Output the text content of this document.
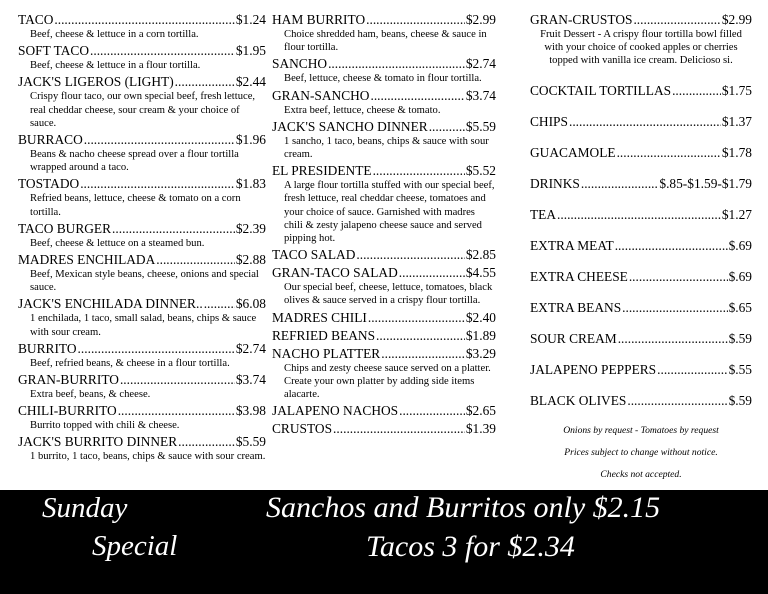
TACO .....	$1.24
Beef, cheese & lettuce in a corn tortilla.
SOFT TACO .....	$1.95
Beef, cheese & lettuce in a flour tortilla.
JACK'S LIGEROS (LIGHT) .....	$2.44
Crispy flour taco, our own special beef, fresh lettuce, real cheddar cheese, sour cream & your choice of sauce.
BURRACO .....	$1.96
Beans & nacho cheese spread over a flour tortilla wrapped around a taco.
TOSTADO .....	$1.83
Refried beans, lettuce, cheese & tomato on a corn tortilla.
TACO BURGER .....	$2.39
Beef, cheese & lettuce on a steamed bun.
MADRES ENCHILADA .....	$2.88
Beef, Mexican style beans, cheese, onions and special sauce.
JACK'S ENCHILADA DINNER.. ..... $6.08
1 enchilada, 1 taco, small salad, beans, chips & sauce with sour cream.
BURRITO .....	$2.74
Beef, refried beans, & cheese in a flour tortilla.
GRAN-BURRITO .....	$3.74
Extra beef, beans, & cheese.
CHILI-BURRITO .....	$3.98
Burrito topped with chili & cheese.
JACK'S BURRITO DINNER .....	$5.59
1 burrito, 1 taco, beans, chips & sauce with sour cream.
HAM BURRITO .....	$2.99
Choice shredded ham, beans, cheese & sauce in flour tortilla.
SANCHO .....	$2.74
Beef, lettuce, cheese & tomato in flour tortilla.
GRAN-SANCHO .....	$3.74
Extra beef, lettuce, cheese & tomato.
JACK'S SANCHO DINNER .....	$5.59
1 sancho, 1 taco, beans, chips & sauce with sour cream.
EL PRESIDENTE .....	$5.52
A large flour tortilla stuffed with our special beef, fresh lettuce, real cheddar cheese, tomatoes and your choice of sauce. Garnished with madres chili & zesty jalapeno cheese sauce and served pipping hot.
TACO SALAD .....	$2.85
GRAN-TACO SALAD .....	$4.55
Our special beef, cheese, lettuce, tomatoes, black olives & sauce served in a crispy flour tortilla.
MADRES CHILI .....	$2.40
REFRIED BEANS .....	$1.89
NACHO PLATTER .....	$3.29
Chips and zesty cheese sauce served on a platter. Create your own platter by adding side items alacarte.
JALAPENO NACHOS .....	$2.65
CRUSTOS .....	$1.39
GRAN-CRUSTOS .....	$2.99
Fruit Dessert - A crispy flour tortilla bowl filled with your choice of cooked apples or cherries topped with vanilla ice cream. Delicioso si.
COCKTAIL TORTILLAS .....	$1.75
CHIPS .....	$1.37
GUACAMOLE .....	$1.78
DRINKS .....	$.85-$1.59-$1.79
TEA .....	$1.27
EXTRA MEAT .....	$.69
EXTRA CHEESE .....	$.69
EXTRA BEANS .....	$.65
SOUR CREAM .....	$.59
JALAPENO PEPPERS .....	$.55
BLACK OLIVES .....	$.59
Onions by request - Tomatoes by request
Prices subject to change without notice.
Checks not accepted.
Sunday
Special
Sanchos and Burritos only $2.15
Tacos 3 for $2.34
